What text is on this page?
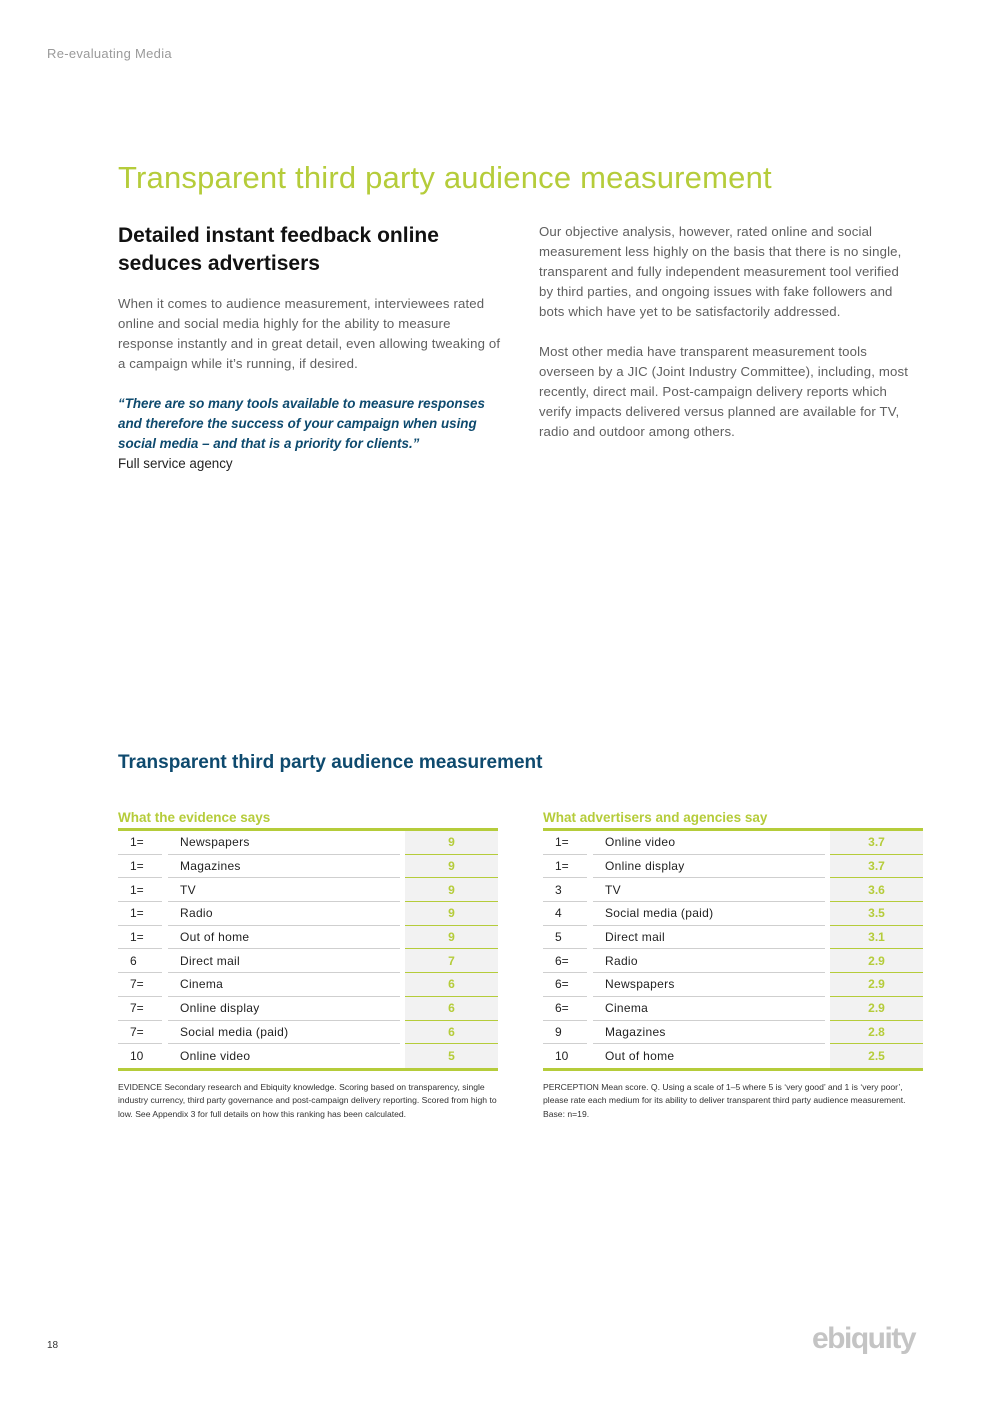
Re-evaluating Media
Transparent third party audience measurement
Detailed instant feedback online seduces advertisers

When it comes to audience measurement, interviewees rated online and social media highly for the ability to measure response instantly and in great detail, even allowing tweaking of a campaign while it’s running, if desired.

“There are so many tools available to measure responses and therefore the success of your campaign when using social media – and that is a priority for clients.”

Full service agency

Our objective analysis, however, rated online and social measurement less highly on the basis that there is no single, transparent and fully independent measurement tool verified by third parties, and ongoing issues with fake followers and bots which have yet to be satisfactorily addressed.

Most other media have transparent measurement tools overseen by a JIC (Joint Industry Committee), including, most recently, direct mail. Post-campaign delivery reports which verify impacts delivered versus planned are available for TV, radio and outdoor among others.

Transparent third party audience measurement
What the evidence says
1=	Newspapers	9
1=	Magazines	9
1=	TV	9
1=	Radio	9
1=	Out of home	9
6	Direct mail	7
7=	Cinema	6
7=	Online display	6
7=	Social media (paid)	6
10	Online video	5

EVIDENCE Secondary research and Ebiquity knowledge. Scoring based on transparency, single industry currency, third party governance and post-campaign delivery reporting. Scored from high to low. See Appendix 3 for full details on how this ranking has been calculated.

What advertisers and agencies say
1=	Online video	3.7
1=	Online display	3.7
3	TV	3.6
4	Social media (paid)	3.5
5	Direct mail	3.1
6=	Radio	2.9
6=	Newspapers	2.9
6=	Cinema	2.9
9	Magazines	2.8
10	Out of home	2.5

PERCEPTION Mean score. Q. Using a scale of 1–5 where 5 is ‘very good’ and 1 is ‘very poor’, please rate each medium for its ability to deliver transparent third party audience measurement. Base: n=19.

18	ebiquity
